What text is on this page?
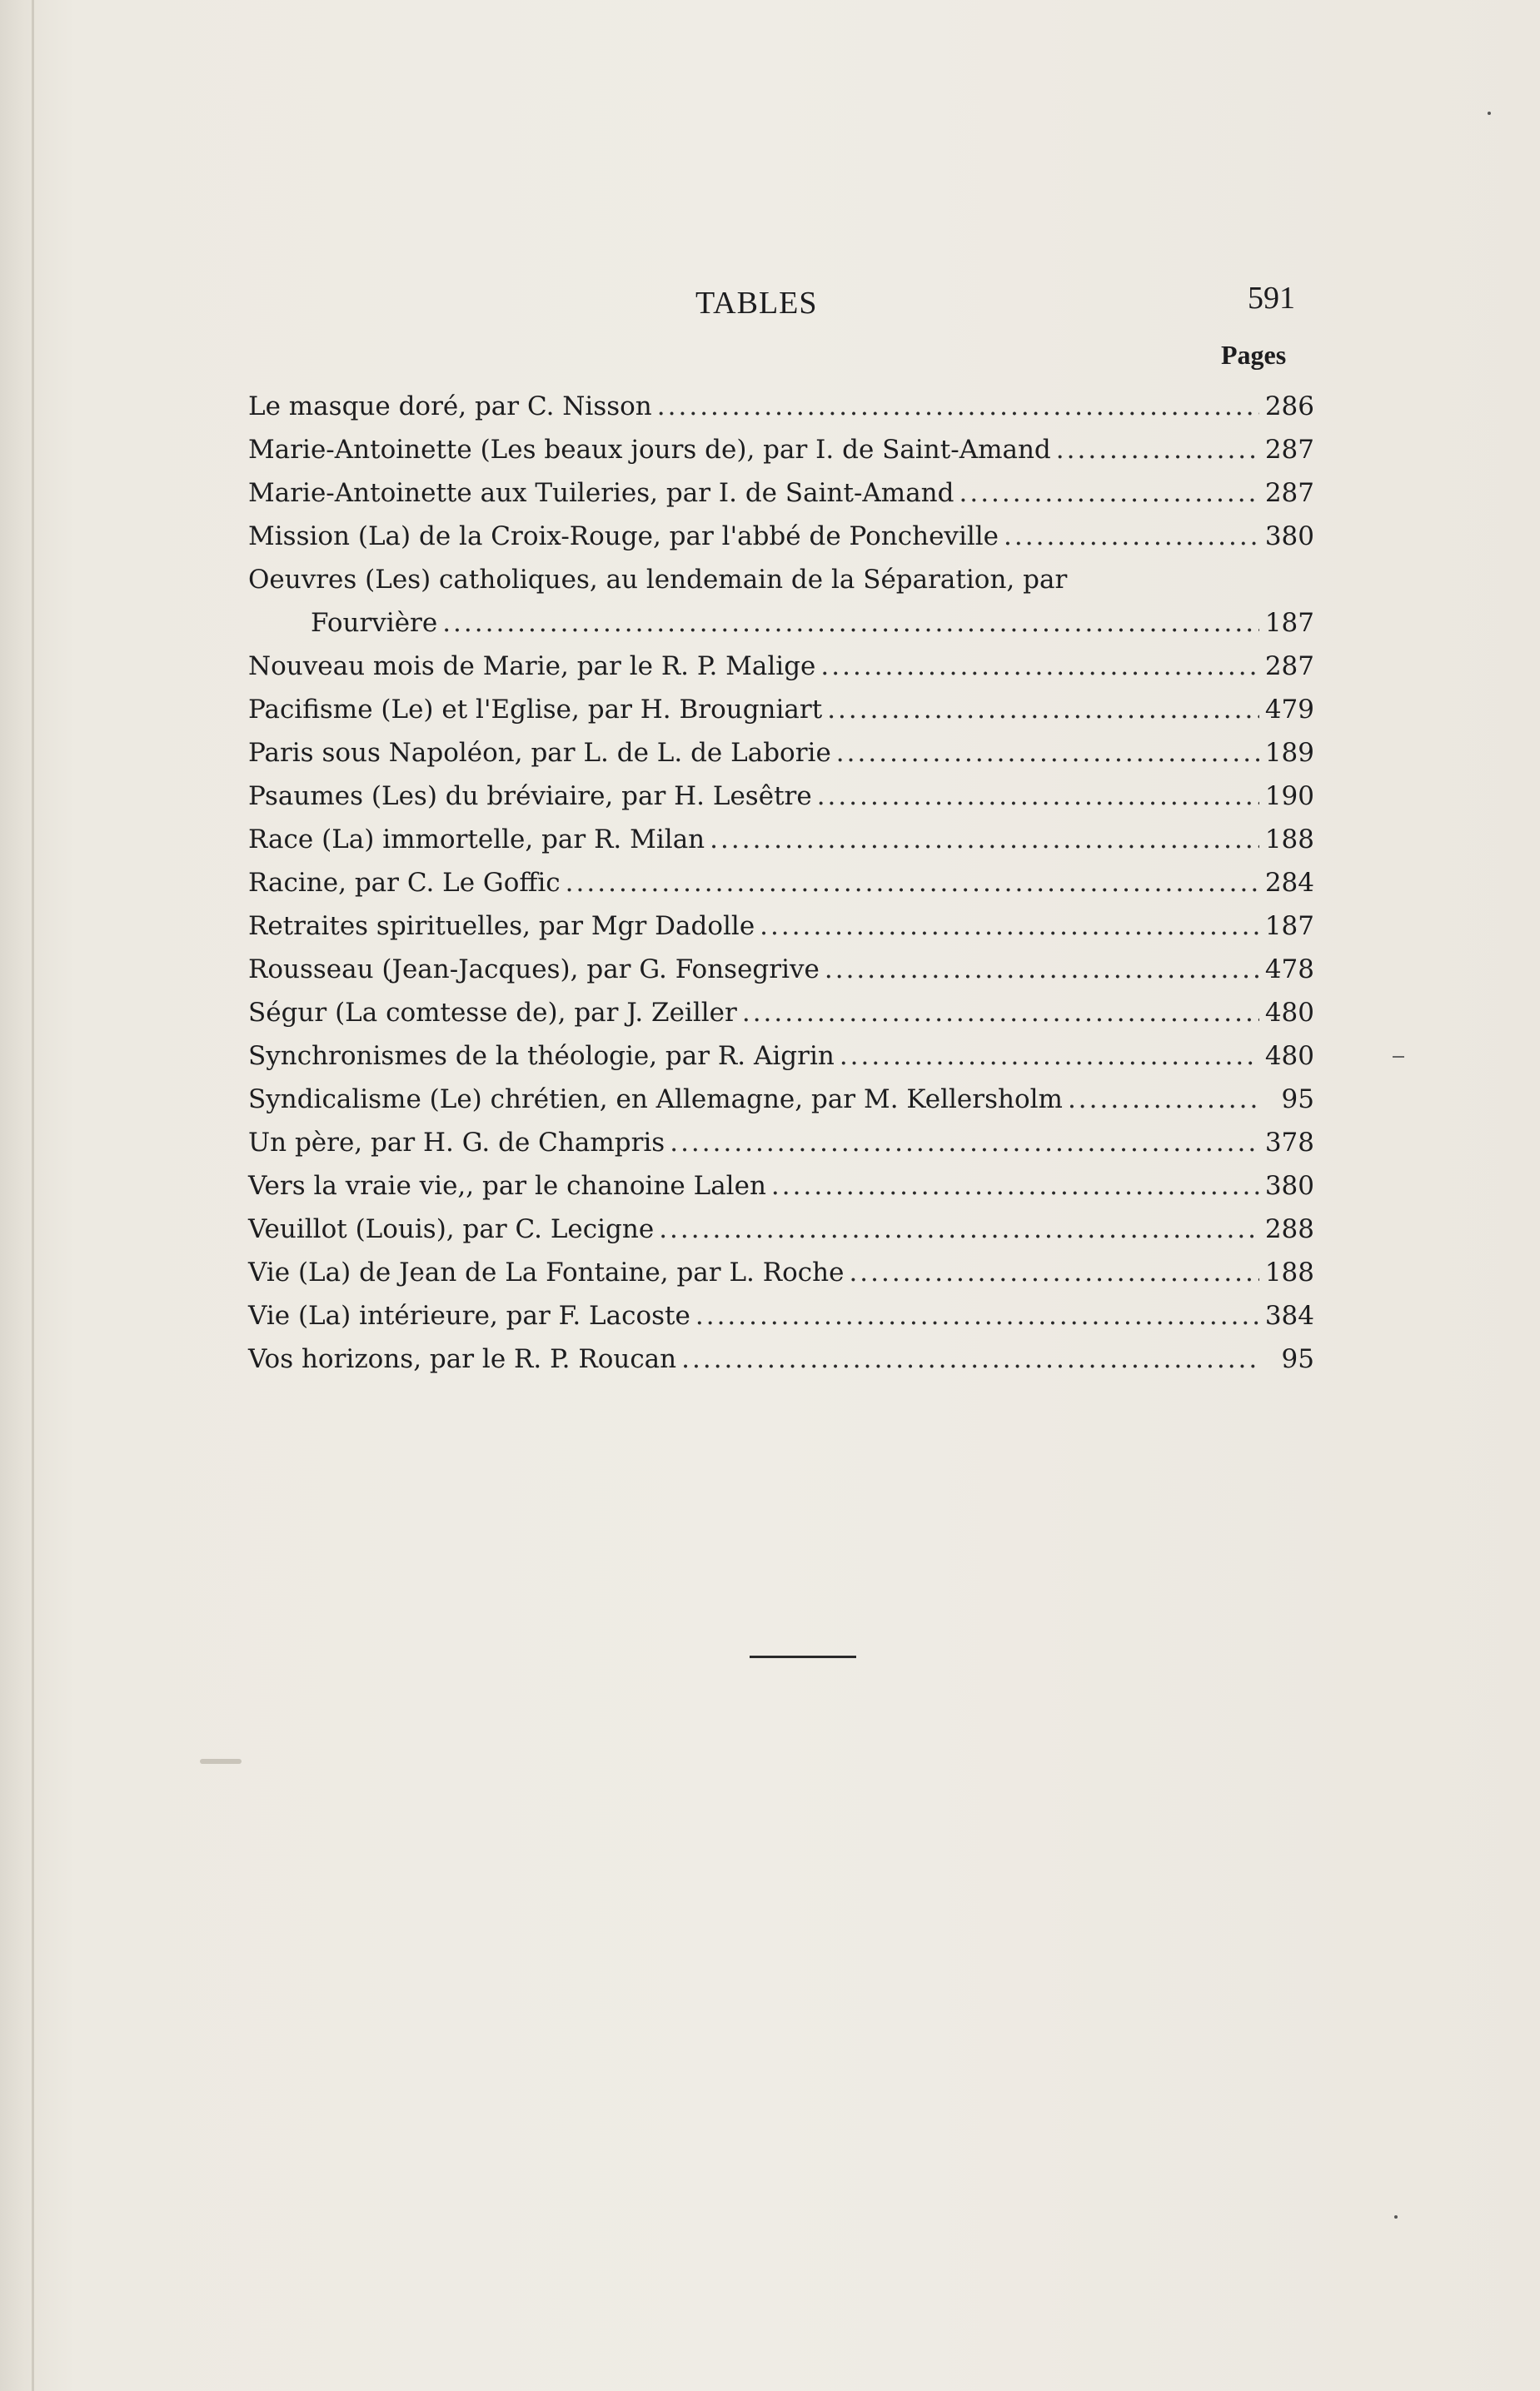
TABLES	591
Pages
Le masque doré, par C. Nisson .....	286
Marie-Antoinette (Les beaux jours de), par I. de Saint-Amand .....	287
Marie-Antoinette aux Tuileries, par I. de Saint-Amand .....	287
Mission (La) de la Croix-Rouge, par l'abbé de Poncheville .....	380
Oeuvres (Les) catholiques, au lendemain de la Séparation, par
Fourvière .....	187
Nouveau mois de Marie, par le R. P. Malige .....	287
Pacifisme (Le) et l'Eglise, par H. Brougniart .....	479
Paris sous Napoléon, par L. de L. de Laborie .....	189
Psaumes (Les) du bréviaire, par H. Lesêtre .....	190
Race (La) immortelle, par R. Milan .....	188
Racine, par C. Le Goffic .....	284
Retraites spirituelles, par Mgr Dadolle .....	187
Rousseau (Jean-Jacques), par G. Fonsegrive .....	478
Ségur (La comtesse de), par J. Zeiller .....	480
Synchronismes de la théologie, par R. Aigrin .....	480
Syndicalisme (Le) chrétien, en Allemagne, par M. Kellersholm .....	95
Un père, par H. G. de Champris .....	378
Vers la vraie vie,, par le chanoine Lalen .....	380
Veuillot (Louis), par C. Lecigne .....	288
Vie (La) de Jean de La Fontaine, par L. Roche .....	188
Vie (La) intérieure, par F. Lacoste .....	384
Vos horizons, par le R. P. Roucan .....	95
